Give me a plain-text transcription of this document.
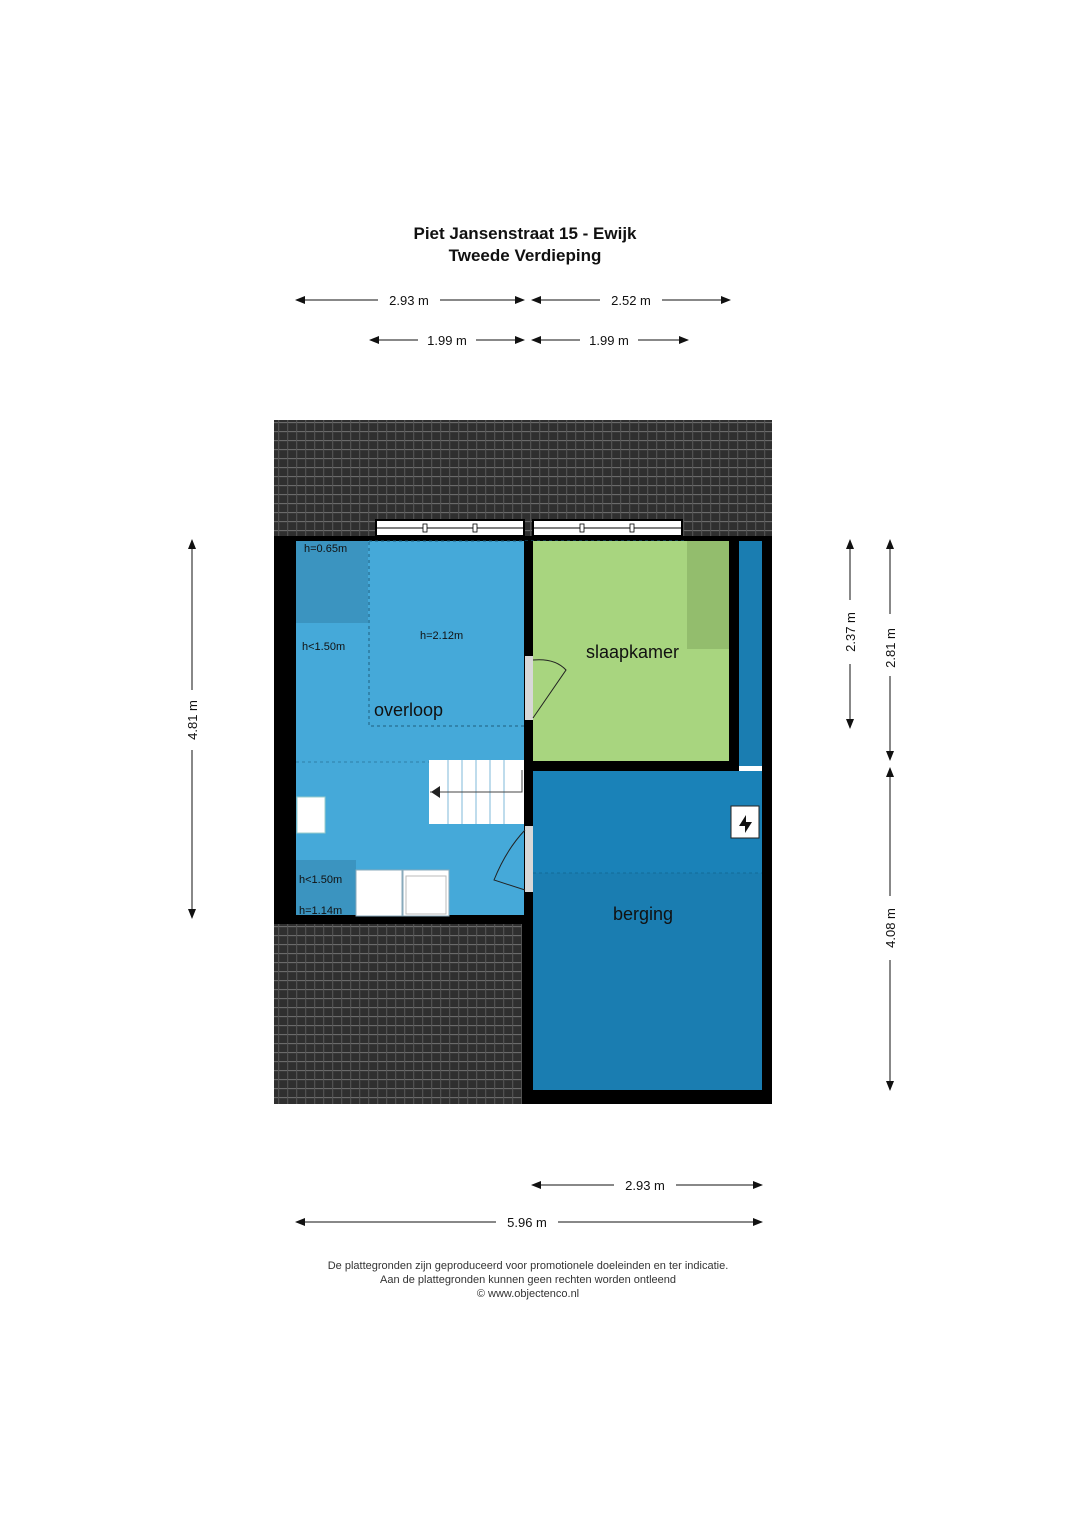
Piet Jansenstraat 15 - Ewijk
Tweede Verdieping
overloop
slaapkamer
berging
h=0.65m
h<1.50m
h=2.12m
h<1.50m
h=1.14m
2.93 m	2.52 m
1.99 m	1.99 m
4.81 m
2.37 m 2.81 m
4.08 m
2.93 m
5.96 m
De plattegronden zijn geproduceerd voor promotionele doeleinden en ter indicatie.
Aan de plattegronden kunnen geen rechten worden ontleend
© www.objectenco.nl
